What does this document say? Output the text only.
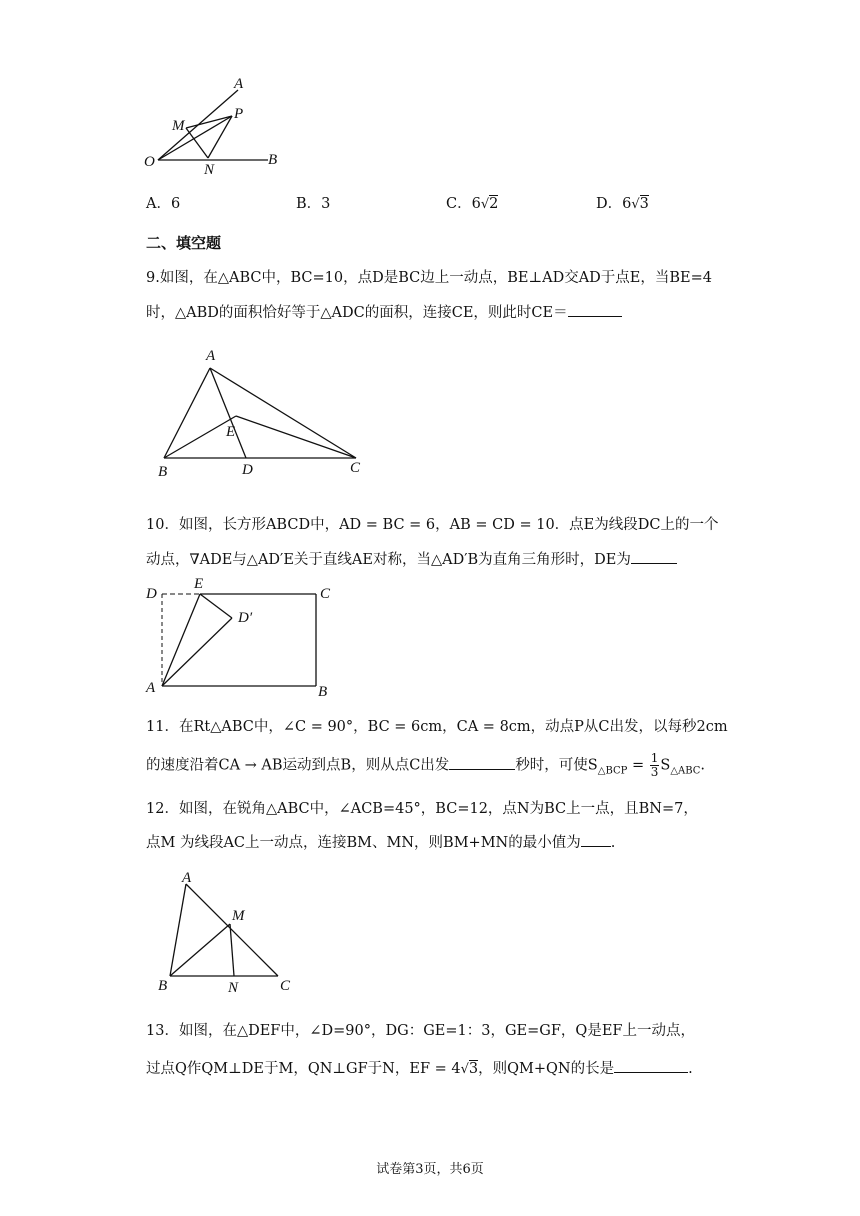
A
P
M
O	N
B
A．6	B．3	C．6√2	D．6√3
二、填空题
9.如图，在△ABC中，BC=10，点D是BC边上一动点，BE⊥AD交AD于点E，当BE=4
时，△ABD的面积恰好等于△ADC的面积，连接CE，则此时CE＝
A
E
B	D	C
10．如图，长方形ABCD中，AD = BC = 6，AB = CD = 10．点E为线段DC上的一个
动点，∇ADE与△AD′E关于直线AE对称，当△AD′B为直角三角形时，DE为
D
E
C
D′
A	B
11．在Rt△ABC中，∠C = 90°，BC = 6cm，CA = 8cm，动点P从C出发，以每秒2cm
的速度沿着CA → AB运动到点B，则从点C出发	秒时，可使$S_{\triangle BCP} = \frac{1}{3} S_{\triangle ABC}$.
12．如图，在锐角△ABC中，∠ACB=45°，BC=12，点N为BC上一点，且BN=7，
点M 为线段AC上一动点，连接BM、MN，则BM+MN的最小值为 .
A
M
B	N	C
13．如图，在△DEF中，∠D=90°，DG：GE=1：3，GE=GF，Q是EF上一动点，
过点Q作QM⊥DE于M，QN⊥GF于N，EF = 4√3，则QM+QN的长是	.
试卷第3页，共6页
